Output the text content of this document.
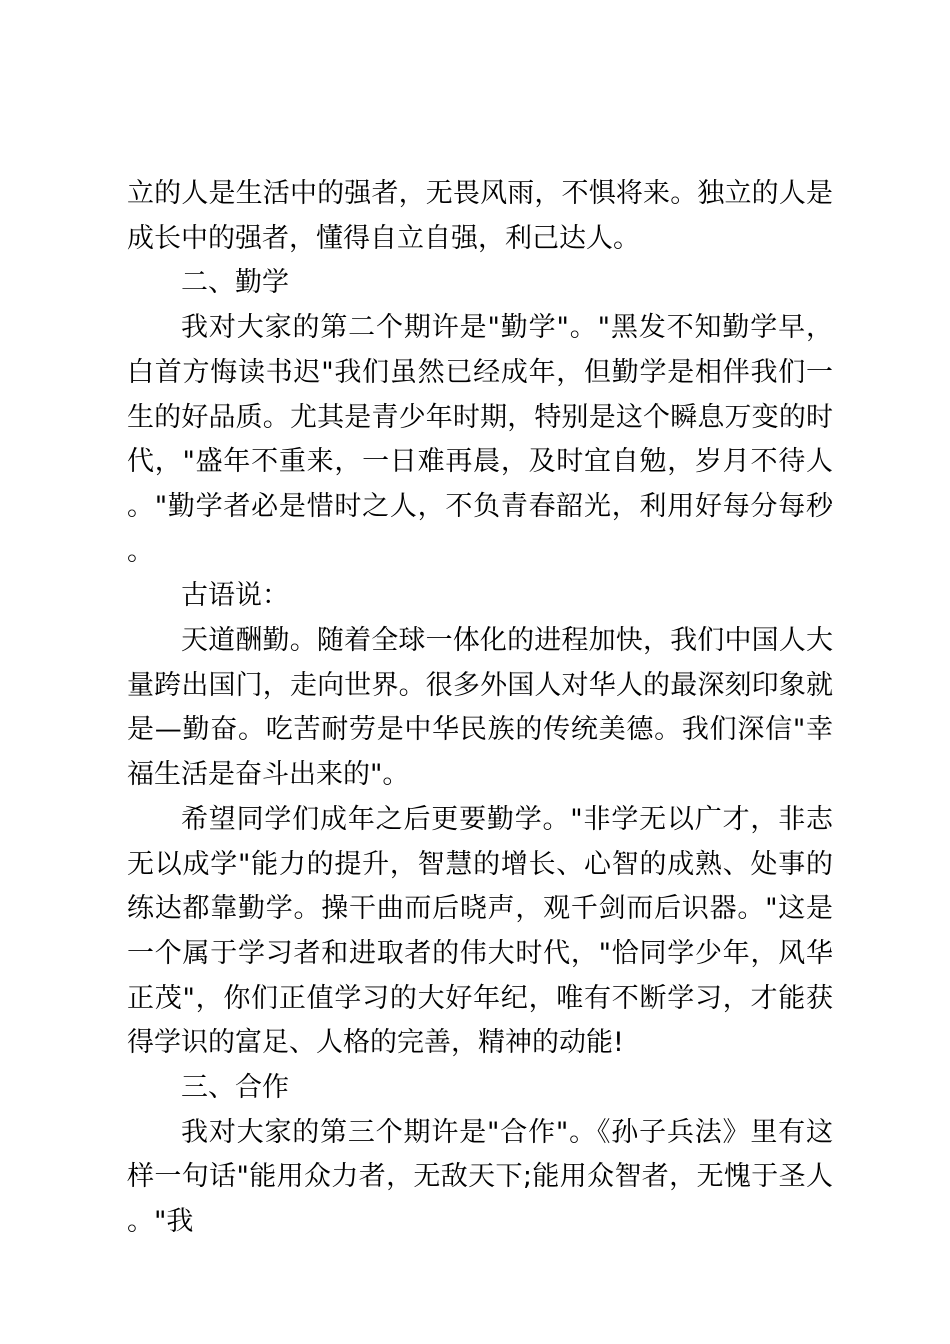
立的人是生活中的强者，无畏风雨，不惧将来。独立的人是成长中的强者，懂得自立自强，利己达人。

二、勤学

我对大家的第二个期许是"勤学"。"黑发不知勤学早，白首方悔读书迟"我们虽然已经成年，但勤学是相伴我们一生的好品质。尤其是青少年时期，特别是这个瞬息万变的时代，"盛年不重来，一日难再晨，及时宜自勉，岁月不待人。"勤学者必是惜时之人，不负青春韶光，利用好每分每秒。

古语说：

天道酬勤。随着全球一体化的进程加快，我们中国人大量跨出国门，走向世界。很多外国人对华人的最深刻印象就是—勤奋。吃苦耐劳是中华民族的传统美德。我们深信"幸福生活是奋斗出来的"。

希望同学们成年之后更要勤学。"非学无以广才，非志无以成学"能力的提升，智慧的增长、心智的成熟、处事的练达都靠勤学。操干曲而后晓声，观千剑而后识器。"这是一个属于学习者和进取者的伟大时代，"恰同学少年，风华正茂"，你们正值学习的大好年纪，唯有不断学习，才能获得学识的富足、人格的完善，精神的动能!

三、合作

我对大家的第三个期许是"合作"。《孙子兵法》里有这样一句话"能用众力者，无敌天下;能用众智者，无愧于圣人。"我
